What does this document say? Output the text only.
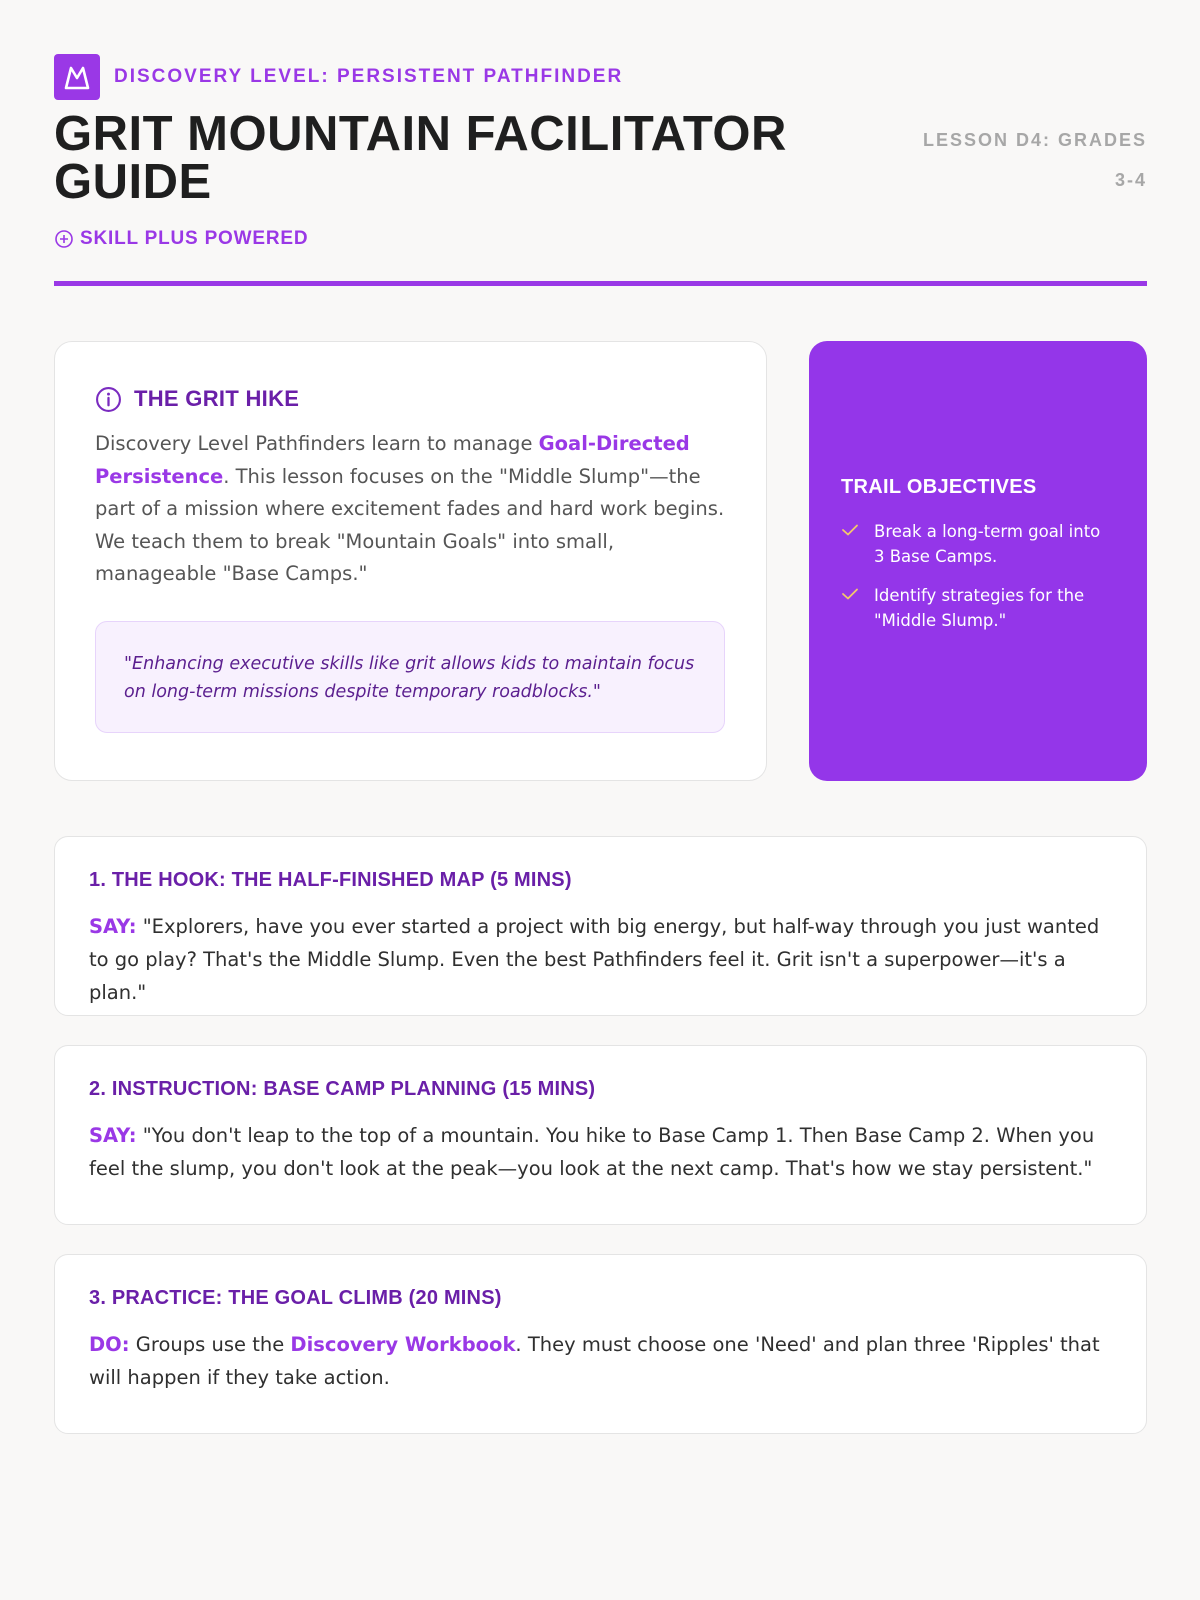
DISCOVERY LEVEL: PERSISTENT PATHFINDER
GRIT MOUNTAIN FACILITATOR GUIDE
LESSON D4: GRADES
3-4
SKILL PLUS POWERED
THE GRIT HIKE
Discovery Level Pathfinders learn to manage Goal-Directed Persistence. This lesson focuses on the "Middle Slump"—the part of a mission where excitement fades and hard work begins. We teach them to break "Mountain Goals" into small, manageable "Base Camps."
"Enhancing executive skills like grit allows kids to maintain focus on long-term missions despite temporary roadblocks."
TRAIL OBJECTIVES
Break a long-term goal into 3 Base Camps.
Identify strategies for the "Middle Slump."
1. THE HOOK: THE HALF-FINISHED MAP (5 MINS)

SAY: "Explorers, have you ever started a project with big energy, but half-way through you just wanted to go play? That's the Middle Slump. Even the best Pathfinders feel it. Grit isn't a superpower—it's a plan."

2. INSTRUCTION: BASE CAMP PLANNING (15 MINS)

SAY: "You don't leap to the top of a mountain. You hike to Base Camp 1. Then Base Camp 2. When you feel the slump, you don't look at the peak—you look at the next camp. That's how we stay persistent."

3. PRACTICE: THE GOAL CLIMB (20 MINS)

DO: Groups use the Discovery Workbook. They must choose one 'Need' and plan three 'Ripples' that will happen if they take action.
